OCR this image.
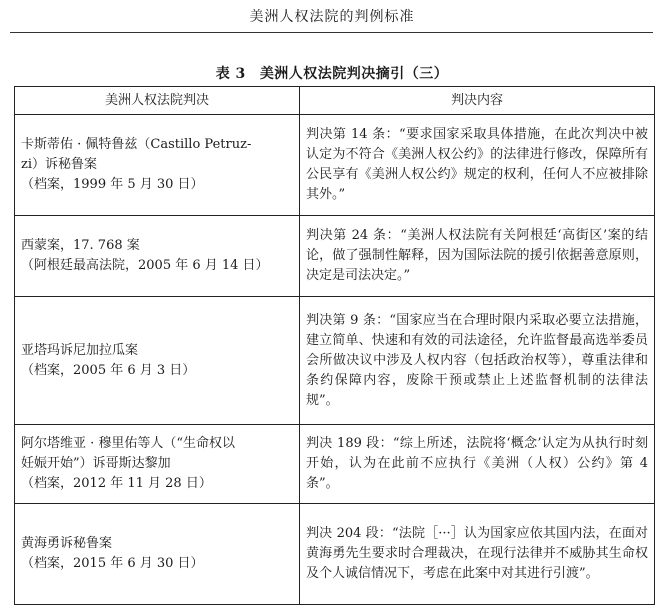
美洲人权法院的判例标准
表 3 美洲人权法院判决摘引（三）
美洲人权法院判决	判决内容

卡斯蒂佑 · 佩特鲁兹（Castillo Petruz-
zi）诉秘鲁案
（档案，1999 年 5 月 30 日）	判决第 14 条：“要求国家采取具体措施，在此次判决中被认定为不符合《美洲人权公约》的法律进行修改，保障所有公民享有《美洲人权公约》规定的权利，任何人不应被排除其外。”

西蒙案，17. 768 案
（阿根廷最高法院，2005 年 6 月 14 日）	判决第 24 条：“美洲人权法院有关阿根廷‘高街区’案的结论，做了强制性解释，因为国际法院的援引依据善意原则，决定是司法决定。”

亚塔玛诉尼加拉瓜案
（档案，2005 年 6 月 3 日）	判决第 9 条：“国家应当在合理时限内采取必要立法措施，建立简单、快速和有效的司法途径，允许监督最高选举委员会所做决议中涉及人权内容（包括政治权等），尊重法律和条约保障内容，废除干预或禁止上述监督机制的法律法规”。

阿尔塔维亚 · 穆里佑等人（“生命权以
妊娠开始”）诉哥斯达黎加
（档案，2012 年 11 月 28 日）	判决 189 段：“综上所述，法院将‘概念’认定为从执行时刻开始，认为在此前不应执行《美洲（人权）公约》第 4 条”。

黄海勇诉秘鲁案
（档案，2015 年 6 月 30 日）	判决 204 段：“法院［···］认为国家应依其国内法，在面对黄海勇先生要求时合理裁决，在现行法律并不威胁其生命权及个人诚信情况下，考虑在此案中对其进行引渡”。
